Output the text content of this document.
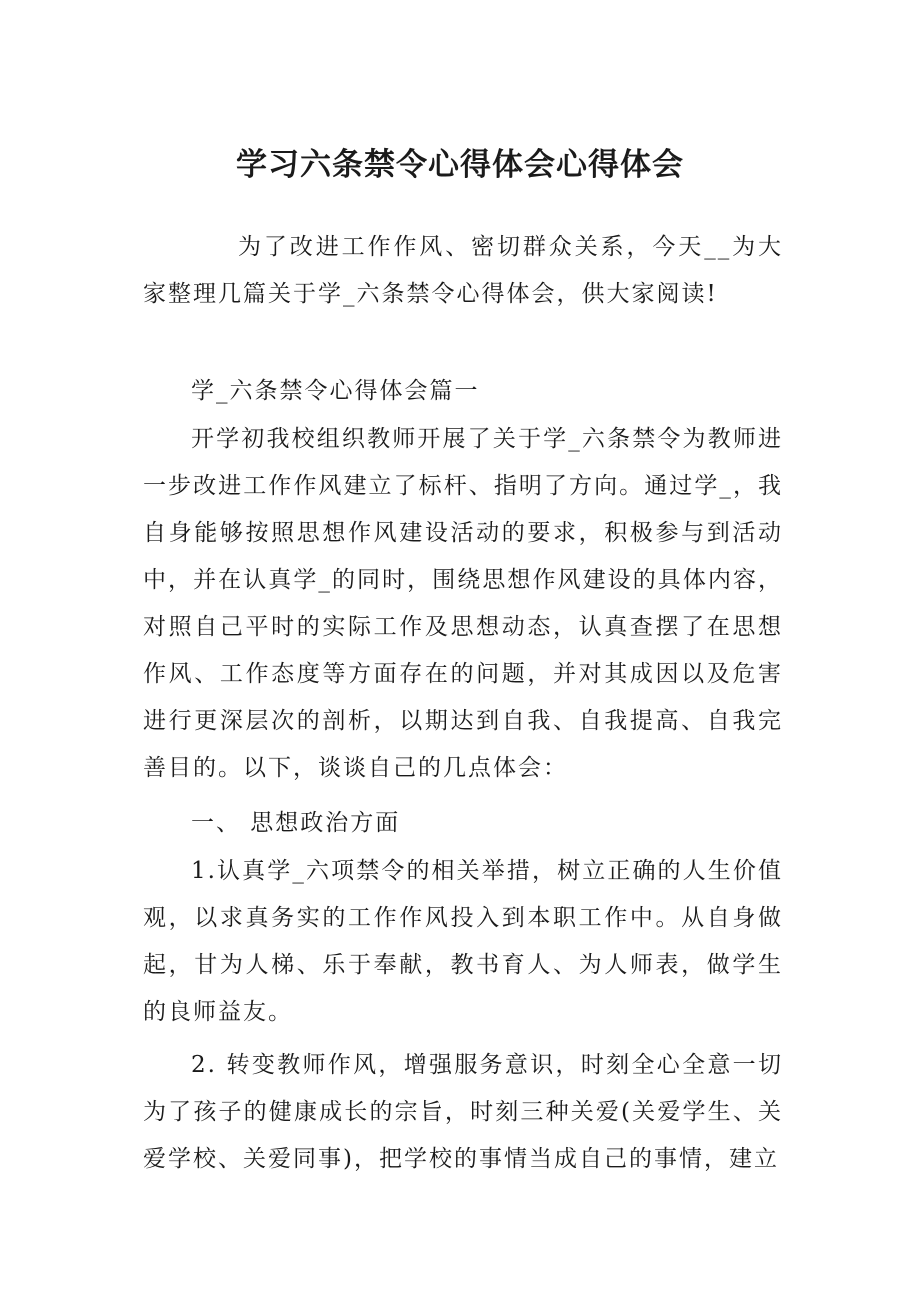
学习六条禁令心得体会心得体会

为了改进工作作风、密切群众关系，今天__为大家整理几篇关于学_六条禁令心得体会，供大家阅读!

学_六条禁令心得体会篇一

开学初我校组织教师开展了关于学_六条禁令为教师进一步改进工作作风建立了标杆、指明了方向。通过学_，我自身能够按照思想作风建设活动的要求，积极参与到活动中，并在认真学_的同时，围绕思想作风建设的具体内容，对照自己平时的实际工作及思想动态，认真查摆了在思想作风、工作态度等方面存在的问题，并对其成因以及危害进行更深层次的剖析，以期达到自我、自我提高、自我完善目的。以下，谈谈自己的几点体会：

一、 思想政治方面

1.认真学_六项禁令的相关举措，树立正确的人生价值观，以求真务实的工作作风投入到本职工作中。从自身做起，甘为人梯、乐于奉献，教书育人、为人师表，做学生的良师益友。

2. 转变教师作风，增强服务意识，时刻全心全意一切为了孩子的健康成长的宗旨，时刻三种关爱(关爱学生、关爱学校、关爱同事)，把学校的事情当成自己的事情，建立
